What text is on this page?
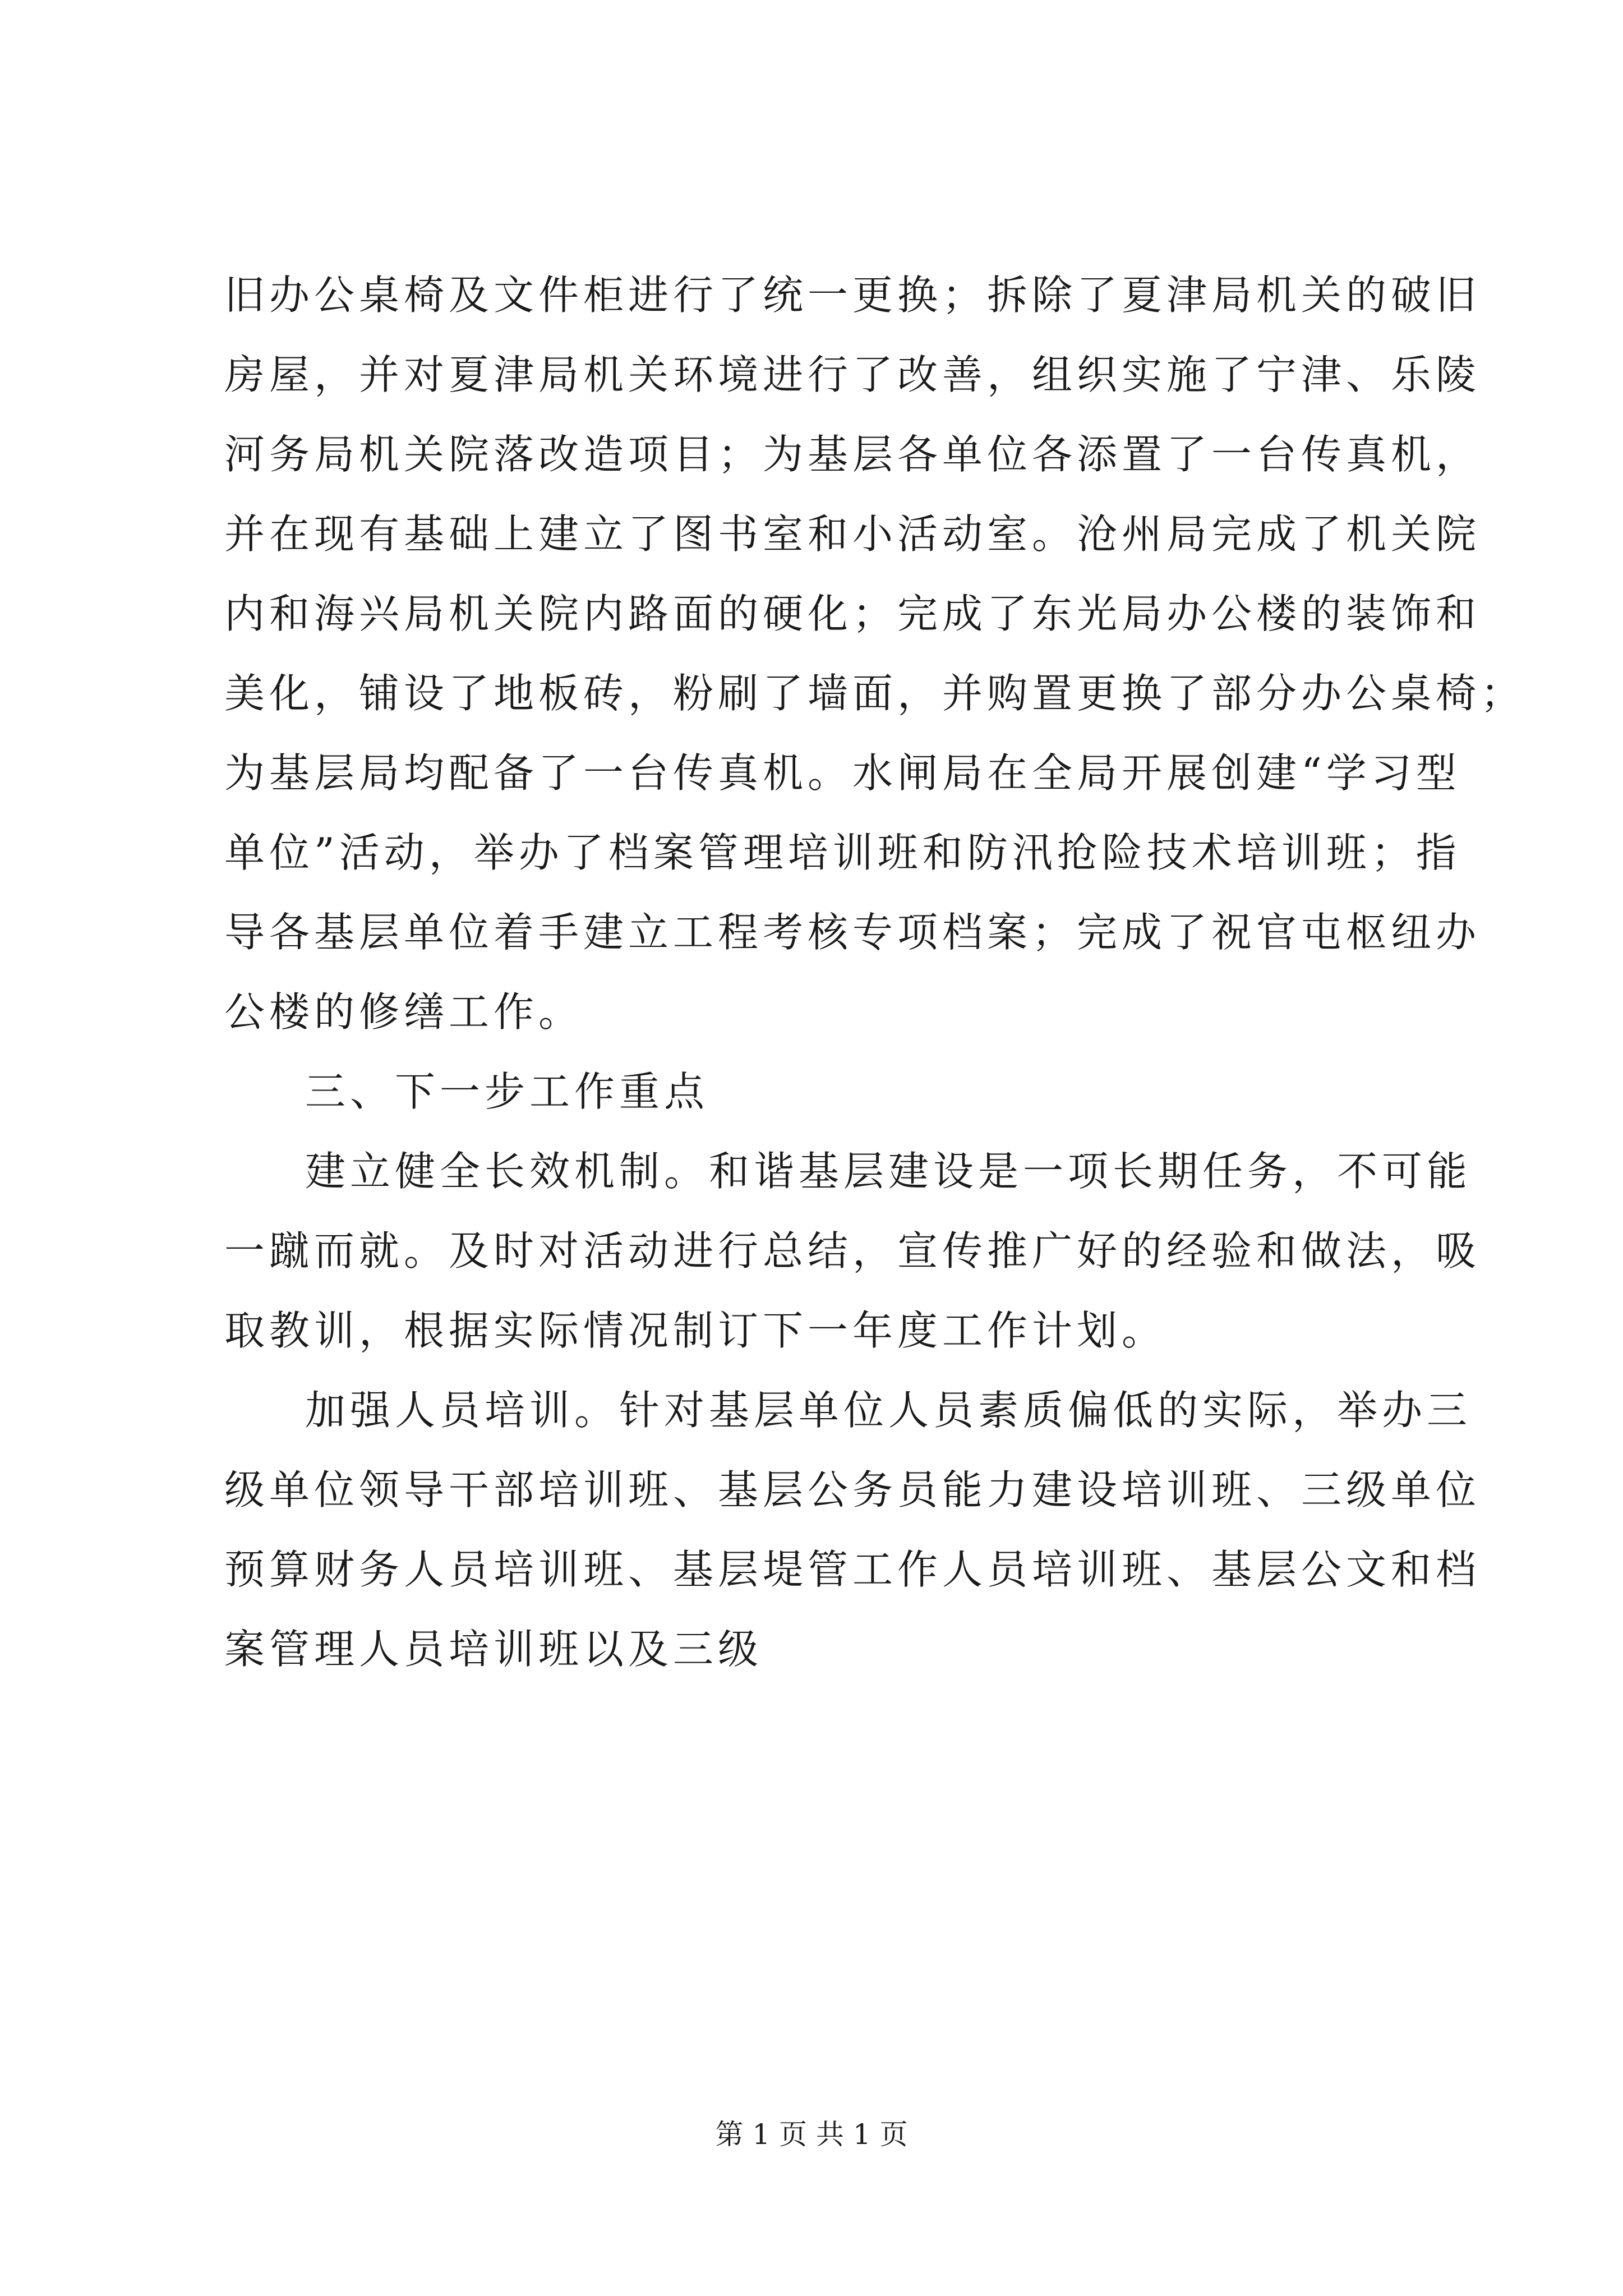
旧办公桌椅及文件柜进行了统一更换；拆除了夏津局机关的破旧
房屋，并对夏津局机关环境进行了改善，组织实施了宁津、乐陵
河务局机关院落改造项目；为基层各单位各添置了一台传真机，
并在现有基础上建立了图书室和小活动室。沧州局完成了机关院
内和海兴局机关院内路面的硬化；完成了东光局办公楼的装饰和
美化，铺设了地板砖，粉刷了墙面，并购置更换了部分办公桌椅；
为基层局均配备了一台传真机。水闸局在全局开展创建“学习型
单位”活动，举办了档案管理培训班和防汛抢险技术培训班；指
导各基层单位着手建立工程考核专项档案；完成了祝官屯枢纽办
公楼的修缮工作。
三、下一步工作重点
建立健全长效机制。和谐基层建设是一项长期任务，不可能
一蹴而就。及时对活动进行总结，宣传推广好的经验和做法，吸
取教训，根据实际情况制订下一年度工作计划。
加强人员培训。针对基层单位人员素质偏低的实际，举办三
级单位领导干部培训班、基层公务员能力建设培训班、三级单位
预算财务人员培训班、基层堤管工作人员培训班、基层公文和档
案管理人员培训班以及三级
第 1 页 共 1 页
